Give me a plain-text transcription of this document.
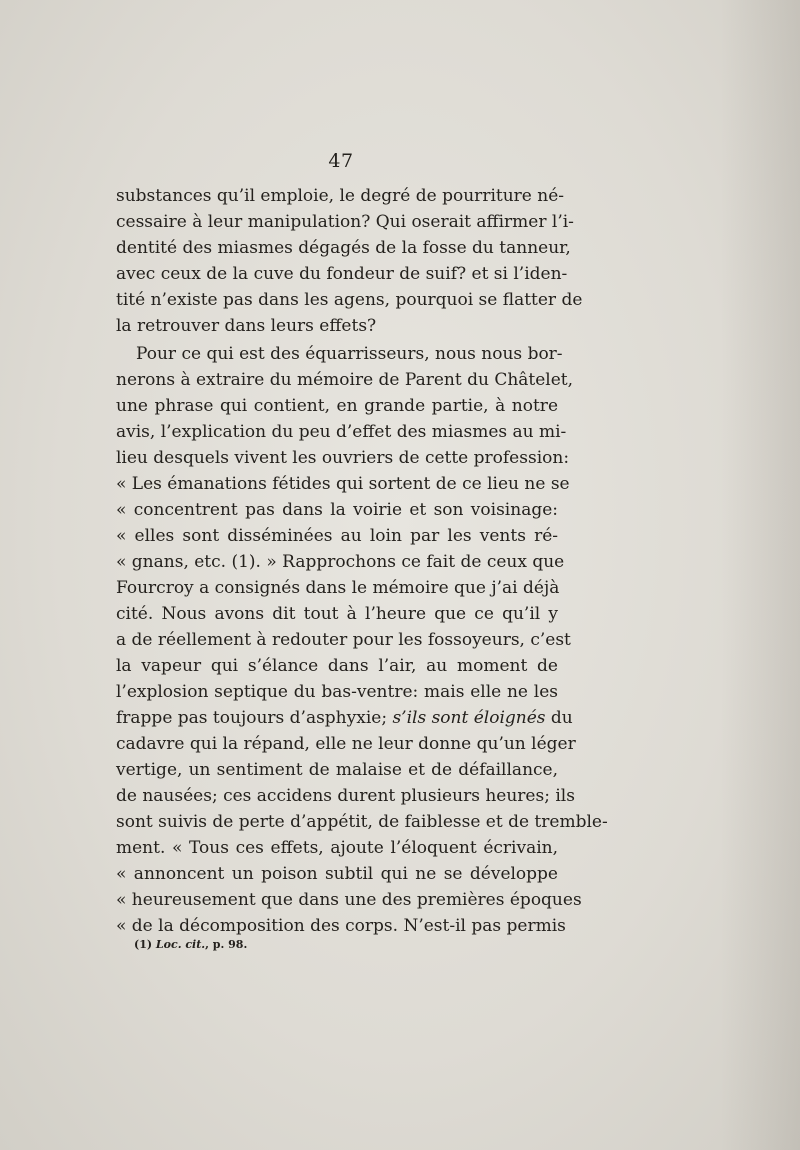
47
substances qu’il emploie, le degré de pourriture né-
cessaire à leur manipulation? Qui oserait affirmer l’i-
dentité des miasmes dégagés de la fosse du tanneur,
avec ceux de la cuve du fondeur de suif? et si l’iden-
tité n’existe pas dans les agens, pourquoi se flatter de
la retrouver dans leurs effets?
Pour ce qui est des équarrisseurs, nous nous bor-
nerons à extraire du mémoire de Parent du Châtelet,
une phrase qui contient, en grande partie, à notre
avis, l’explication du peu d’effet des miasmes au mi-
lieu desquels vivent les ouvriers de cette profession:
« Les émanations fétides qui sortent de ce lieu ne se
« concentrent pas dans la voirie et son voisinage:
« elles sont disséminées au loin par les vents ré-
« gnans, etc. (1). » Rapprochons ce fait de ceux que
Fourcroy a consignés dans le mémoire que j’ai déjà
cité. Nous avons dit tout à l’heure que ce qu’il y
a de réellement à redouter pour les fossoyeurs, c’est
la vapeur qui s’élance dans l’air, au moment de
l’explosion septique du bas-ventre: mais elle ne les
frappe pas toujours d’asphyxie; s’ils sont éloignés du
cadavre qui la répand, elle ne leur donne qu’un léger
vertige, un sentiment de malaise et de défaillance,
de nausées; ces accidens durent plusieurs heures; ils
sont suivis de perte d’appétit, de faiblesse et de tremble-
ment. « Tous ces effets, ajoute l’éloquent écrivain,
« annoncent un poison subtil qui ne se développe
« heureusement que dans une des premières époques
« de la décomposition des corps. N’est-il pas permis
(1) Loc. cit., p. 98.
